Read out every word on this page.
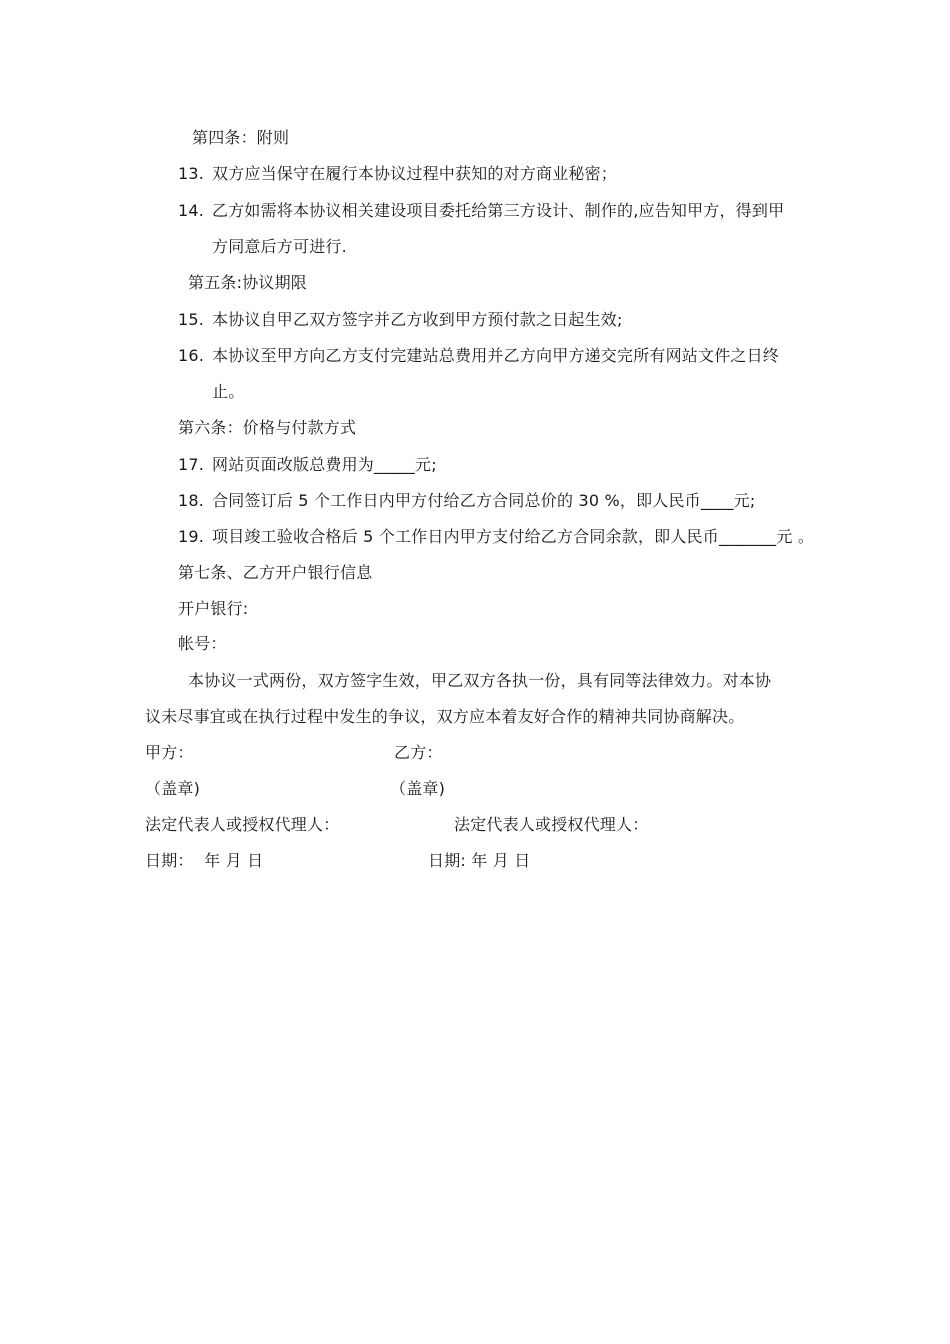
第四条：附则
13. 双方应当保守在履行本协议过程中获知的对方商业秘密；
14. 乙方如需将本协议相关建设项目委托给第三方设计、制作的,应告知甲方，得到甲
方同意后方可进行.
第五条:协议期限
15. 本协议自甲乙双方签字并乙方收到甲方预付款之日起生效;
16. 本协议至甲方向乙方支付完建站总费用并乙方向甲方递交完所有网站文件之日终
止。
第六条：价格与付款方式
17. 网站页面改版总费用为_____元;
18. 合同签订后 5 个工作日内甲方付给乙方合同总价的 30 %，即人民币____元;
19. 项目竣工验收合格后 5 个工作日内甲方支付给乙方合同余款，即人民币_______元 。
第七条、乙方开户银行信息
开户银行:
帐号：
本协议一式两份，双方签字生效，甲乙双方各执一份，具有同等法律效力。对本协
议未尽事宜或在执行过程中发生的争议，双方应本着友好合作的精神共同协商解决。
甲方：	乙方：
（盖章)	（盖章)
法定代表人或授权代理人：	法定代表人或授权代理人：
日期：  年 月 日	日期: 年 月 日
